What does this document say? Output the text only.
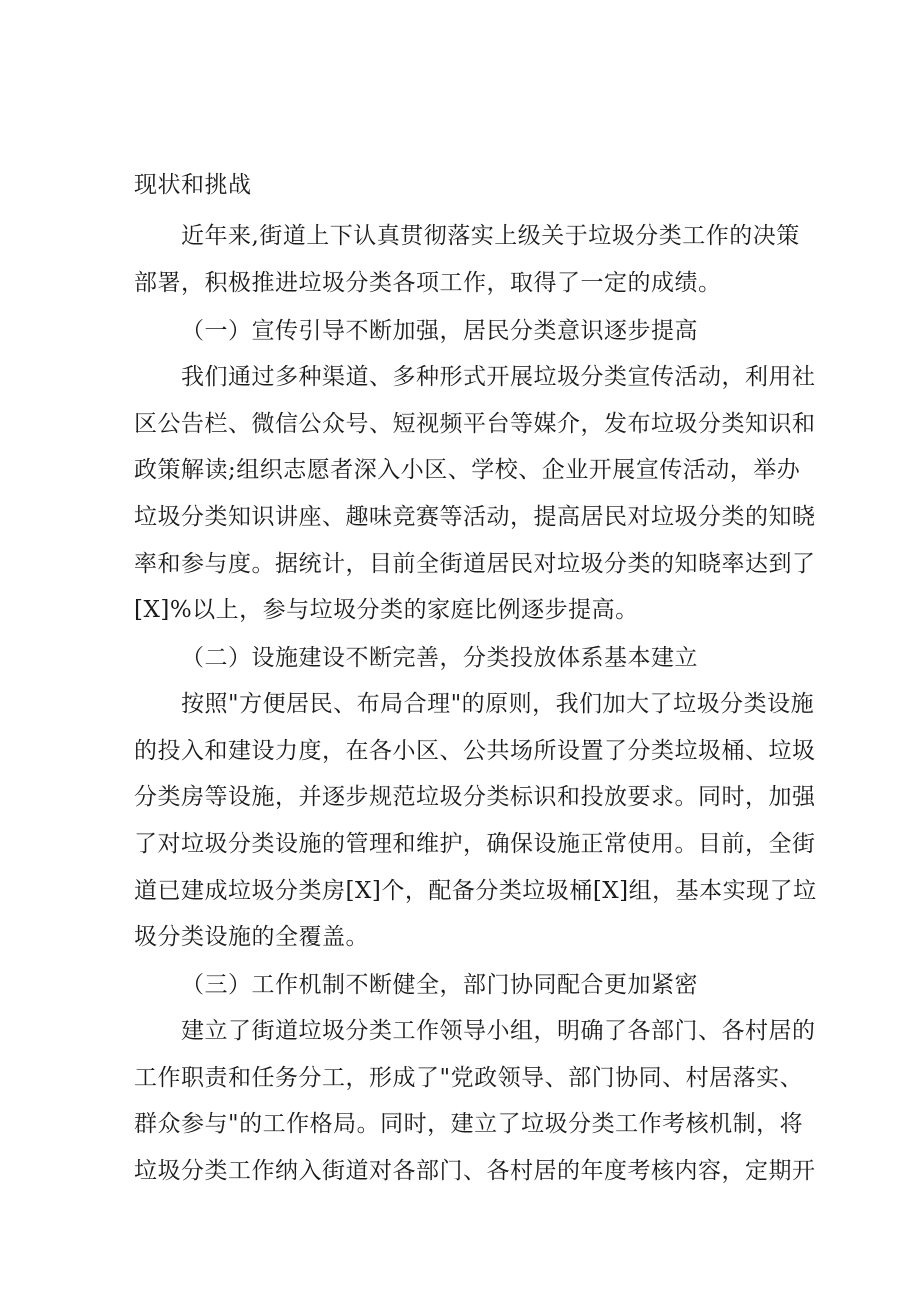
现状和挑战
近年来,街道上下认真贯彻落实上级关于垃圾分类工作的决策
部署，积极推进垃圾分类各项工作，取得了一定的成绩。
（一）宣传引导不断加强，居民分类意识逐步提高
我们通过多种渠道、多种形式开展垃圾分类宣传活动，利用社
区公告栏、微信公众号、短视频平台等媒介，发布垃圾分类知识和
政策解读;组织志愿者深入小区、学校、企业开展宣传活动，举办
垃圾分类知识讲座、趣味竞赛等活动，提高居民对垃圾分类的知晓
率和参与度。据统计，目前全街道居民对垃圾分类的知晓率达到了
[X]%以上，参与垃圾分类的家庭比例逐步提高。
（二）设施建设不断完善，分类投放体系基本建立
按照"方便居民、布局合理"的原则，我们加大了垃圾分类设施
的投入和建设力度，在各小区、公共场所设置了分类垃圾桶、垃圾
分类房等设施，并逐步规范垃圾分类标识和投放要求。同时，加强
了对垃圾分类设施的管理和维护，确保设施正常使用。目前，全街
道已建成垃圾分类房[X]个，配备分类垃圾桶[X]组，基本实现了垃
圾分类设施的全覆盖。
（三）工作机制不断健全，部门协同配合更加紧密
建立了街道垃圾分类工作领导小组，明确了各部门、各村居的
工作职责和任务分工，形成了"党政领导、部门协同、村居落实、
群众参与"的工作格局。同时，建立了垃圾分类工作考核机制，将
垃圾分类工作纳入街道对各部门、各村居的年度考核内容，定期开
